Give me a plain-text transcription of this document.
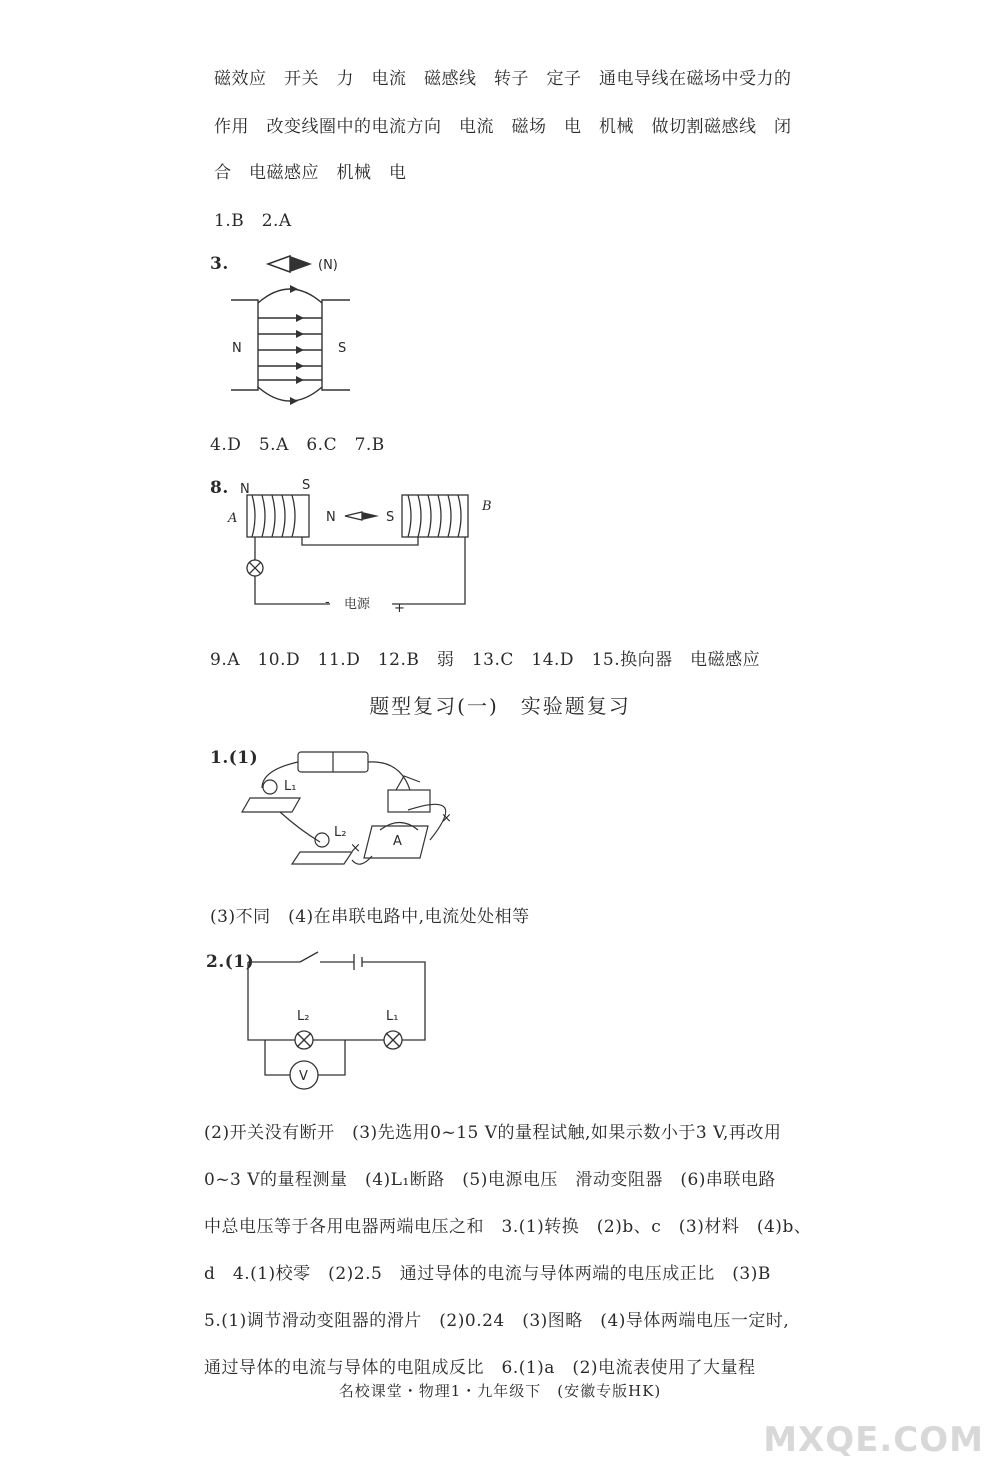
磁效应　开关　力　电流　磁感线　转子　定子　通电导线在磁场中受力的
作用　改变线圈中的电流方向　电流　磁场　电　机械　做切割磁感线　闭
合　电磁感应　机械　电
1.B　2.A
3.	(N)
N	S
N	S
A
B
N	S
- 电源 +
L₁
L₂
A
×
×
L₂	L₁
V
4.D　5.A　6.C　7.B
8.
9.A　10.D　11.D　12.B　弱　13.C　14.D　15.换向器　电磁感应
题型复习(一)　实验题复习
1.(1)
(3)不同　(4)在串联电路中,电流处处相等
2.(1)
(2)开关没有断开　(3)先选用0~15 V的量程试触,如果示数小于3 V,再改用
0~3 V的量程测量　(4)L₁断路　(5)电源电压　滑动变阻器　(6)串联电路
中总电压等于各用电器两端电压之和　3.(1)转换　(2)b、c　(3)材料　(4)b、
d　4.(1)校零　(2)2.5　通过导体的电流与导体两端的电压成正比　(3)B
5.(1)调节滑动变阻器的滑片　(2)0.24　(3)图略　(4)导体两端电压一定时,
通过导体的电流与导体的电阻成反比　6.(1)a　(2)电流表使用了大量程
名校课堂・物理1・九年级下　(安徽专版HK)
MXQE.COM
